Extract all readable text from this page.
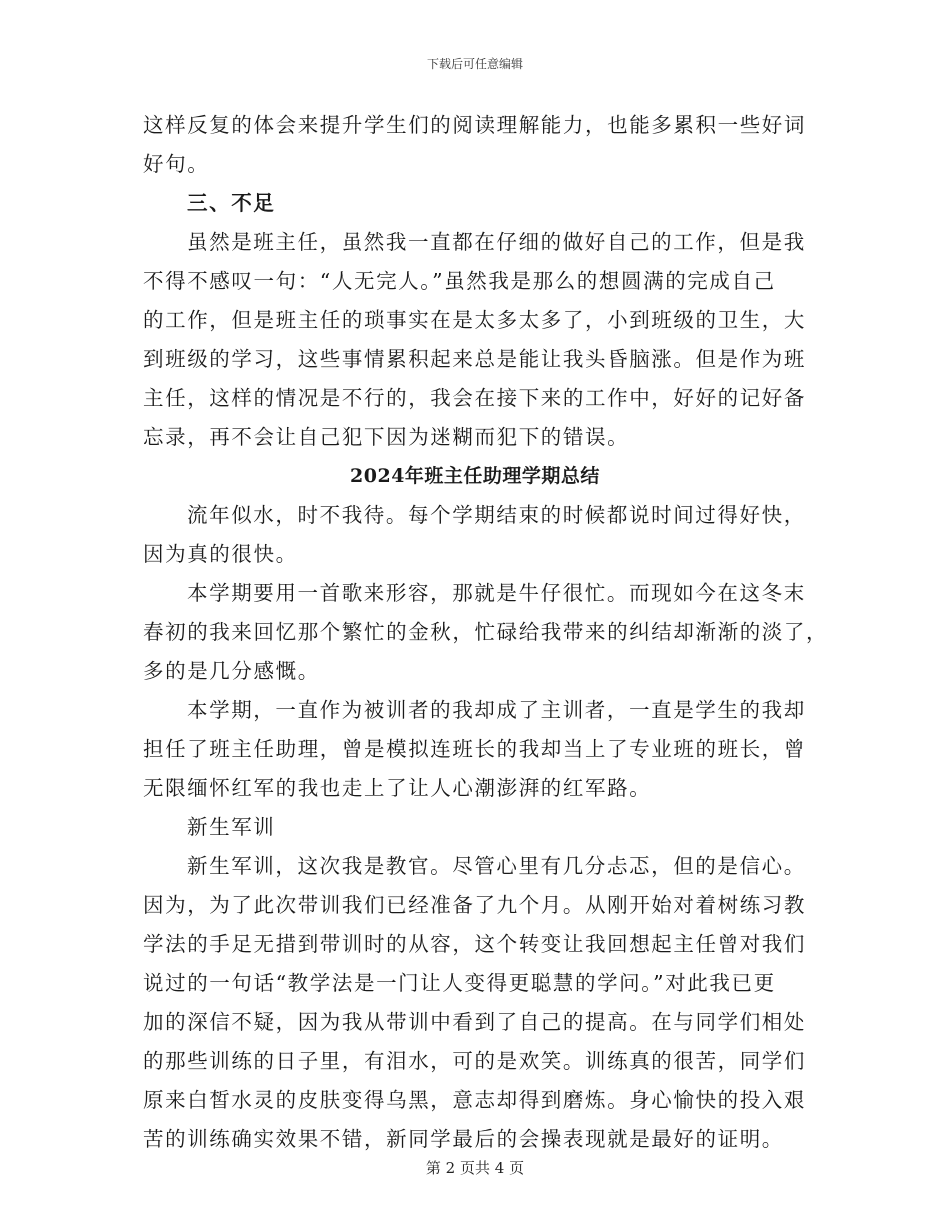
下载后可任意编辑
这样反复的体会来提升学生们的阅读理解能力，也能多累积一些好词
好句。
三、不足
虽然是班主任，虽然我一直都在仔细的做好自己的工作，但是我
不得不感叹一句：“人无完人。”虽然我是那么的想圆满的完成自己
的工作，但是班主任的琐事实在是太多太多了，小到班级的卫生，大
到班级的学习，这些事情累积起来总是能让我头昏脑涨。但是作为班
主任，这样的情况是不行的，我会在接下来的工作中，好好的记好备
忘录，再不会让自己犯下因为迷糊而犯下的错误。
2024年班主任助理学期总结
流年似水，时不我待。每个学期结束的时候都说时间过得好快，
因为真的很快。
本学期要用一首歌来形容，那就是牛仔很忙。而现如今在这冬末
春初的我来回忆那个繁忙的金秋，忙碌给我带来的纠结却渐渐的淡了，
多的是几分感慨。
本学期，一直作为被训者的我却成了主训者，一直是学生的我却
担任了班主任助理，曾是模拟连班长的我却当上了专业班的班长，曾
无限缅怀红军的我也走上了让人心潮澎湃的红军路。
新生军训
新生军训，这次我是教官。尽管心里有几分忐忑，但的是信心。
因为，为了此次带训我们已经准备了九个月。从刚开始对着树练习教
学法的手足无措到带训时的从容，这个转变让我回想起主任曾对我们
说过的一句话“教学法是一门让人变得更聪慧的学问。”对此我已更
加的深信不疑，因为我从带训中看到了自己的提高。在与同学们相处
的那些训练的日子里，有泪水，可的是欢笑。训练真的很苦，同学们
原来白皙水灵的皮肤变得乌黑，意志却得到磨炼。身心愉快的投入艰
苦的训练确实效果不错，新同学最后的会操表现就是最好的证明。
第 2 页共 4 页
